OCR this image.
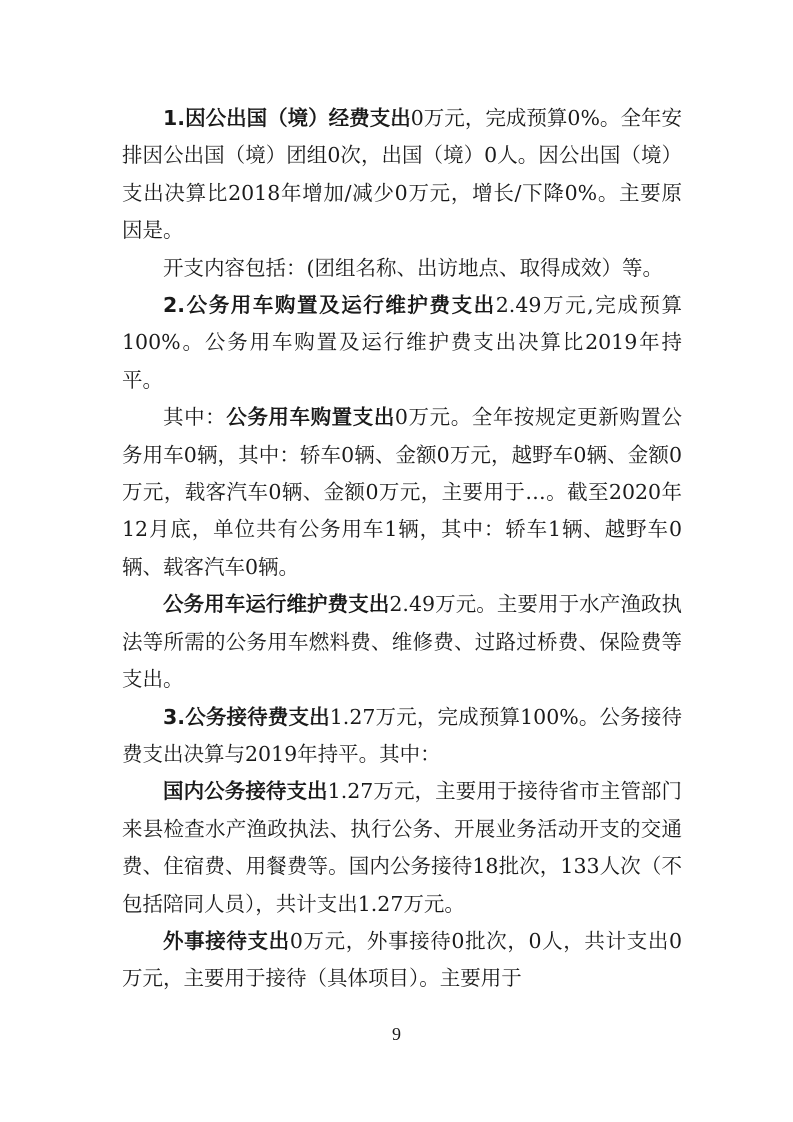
1.因公出国（境）经费支出0万元，完成预算0%。全年安排因公出国（境）团组0次，出国（境）0人。因公出国（境）支出决算比2018年增加/减少0万元，增长/下降0%。主要原因是。

开支内容包括：(团组名称、出访地点、取得成效）等。

2.公务用车购置及运行维护费支出2.49万元,完成预算100%。公务用车购置及运行维护费支出决算比2019年持平。

其中：公务用车购置支出0万元。全年按规定更新购置公务用车0辆，其中：轿车0辆、金额0万元，越野车0辆、金额0万元，载客汽车0辆、金额0万元，主要用于…。截至2020年12月底，单位共有公务用车1辆，其中：轿车1辆、越野车0辆、载客汽车0辆。

公务用车运行维护费支出2.49万元。主要用于水产渔政执法等所需的公务用车燃料费、维修费、过路过桥费、保险费等支出。

3.公务接待费支出1.27万元，完成预算100%。公务接待费支出决算与2019年持平。其中：

国内公务接待支出1.27万元，主要用于接待省市主管部门来县检查水产渔政执法、执行公务、开展业务活动开支的交通费、住宿费、用餐费等。国内公务接待18批次，133人次（不包括陪同人员），共计支出1.27万元。

外事接待支出0万元，外事接待0批次，0人，共计支出0万元，主要用于接待（具体项目）。主要用于

9
